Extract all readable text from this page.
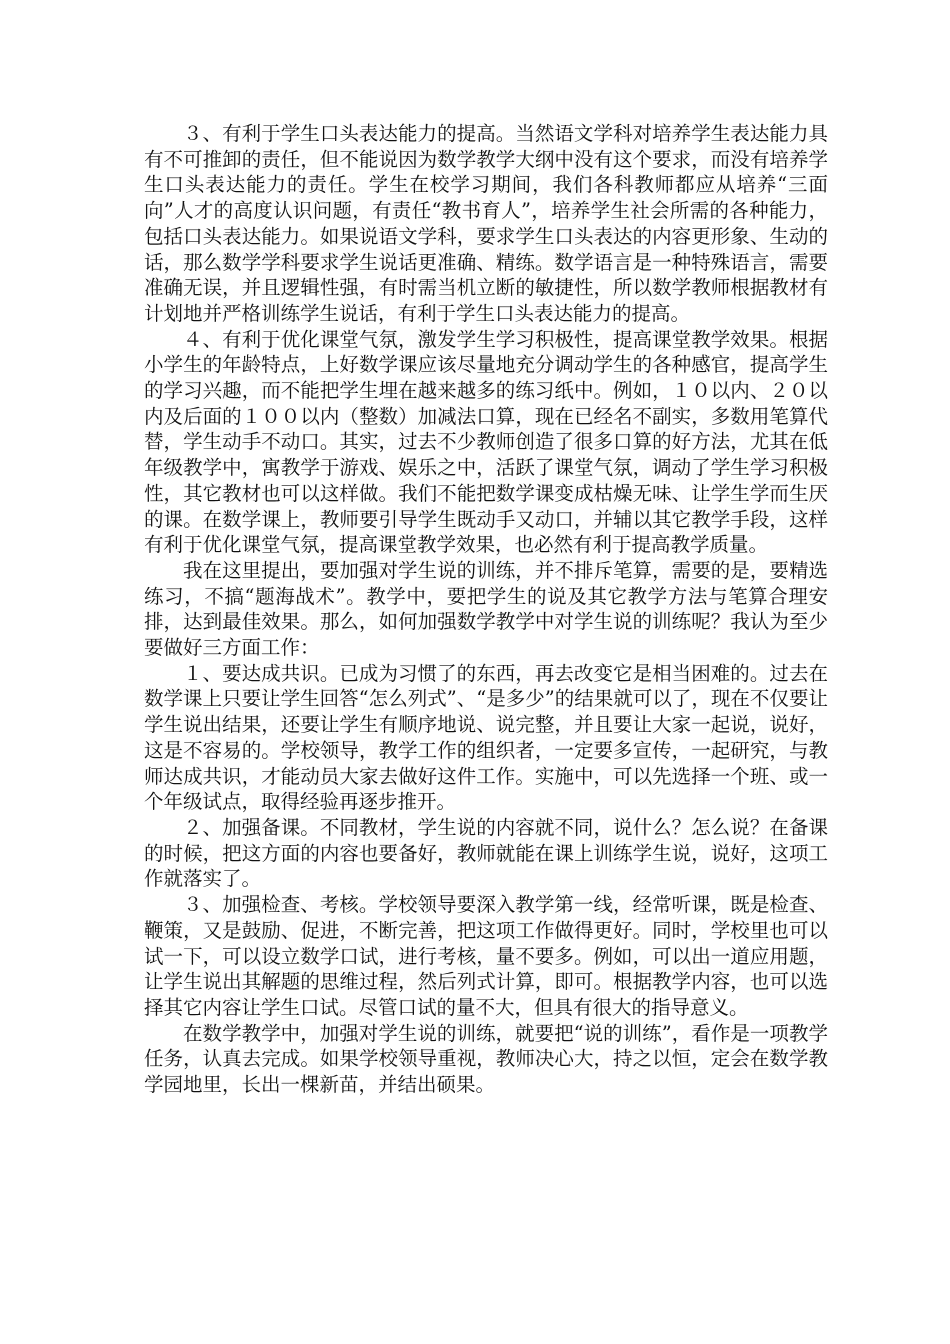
３、有利于学生口头表达能力的提高。当然语文学科对培养学生表达能力具有不可推卸的责任，但不能说因为数学教学大纲中没有这个要求，而没有培养学生口头表达能力的责任。学生在校学习期间，我们各科教师都应从培养“三面向”人才的高度认识问题，有责任“教书育人”，培养学生社会所需的各种能力，包括口头表达能力。如果说语文学科，要求学生口头表达的内容更形象、生动的话，那么数学学科要求学生说话更准确、精练。数学语言是一种特殊语言，需要准确无误，并且逻辑性强，有时需当机立断的敏捷性，所以数学教师根据教材有计划地并严格训练学生说话，有利于学生口头表达能力的提高。

４、有利于优化课堂气氛，激发学生学习积极性，提高课堂教学效果。根据小学生的年龄特点，上好数学课应该尽量地充分调动学生的各种感官，提高学生的学习兴趣，而不能把学生埋在越来越多的练习纸中。例如，１０以内、２０以内及后面的１００以内（整数）加减法口算，现在已经名不副实，多数用笔算代替，学生动手不动口。其实，过去不少教师创造了很多口算的好方法，尤其在低年级教学中，寓教学于游戏、娱乐之中，活跃了课堂气氛，调动了学生学习积极性，其它教材也可以这样做。我们不能把数学课变成枯燥无味、让学生学而生厌的课。在数学课上，教师要引导学生既动手又动口，并辅以其它教学手段，这样有利于优化课堂气氛，提高课堂教学效果，也必然有利于提高教学质量。

我在这里提出，要加强对学生说的训练，并不排斥笔算，需要的是，要精选练习，不搞“题海战术”。教学中，要把学生的说及其它教学方法与笔算合理安排，达到最佳效果。那么，如何加强数学教学中对学生说的训练呢？我认为至少要做好三方面工作：

１、要达成共识。已成为习惯了的东西，再去改变它是相当困难的。过去在数学课上只要让学生回答“怎么列式”、“是多少”的结果就可以了，现在不仅要让学生说出结果，还要让学生有顺序地说、说完整，并且要让大家一起说，说好，这是不容易的。学校领导，教学工作的组织者，一定要多宣传，一起研究，与教师达成共识，才能动员大家去做好这件工作。实施中，可以先选择一个班、或一个年级试点，取得经验再逐步推开。

２、加强备课。不同教材，学生说的内容就不同，说什么？怎么说？在备课的时候，把这方面的内容也要备好，教师就能在课上训练学生说，说好，这项工作就落实了。

３、加强检查、考核。学校领导要深入教学第一线，经常听课，既是检查、鞭策，又是鼓励、促进，不断完善，把这项工作做得更好。同时，学校里也可以试一下，可以设立数学口试，进行考核，量不要多。例如，可以出一道应用题，让学生说出其解题的思维过程，然后列式计算，即可。根据教学内容，也可以选择其它内容让学生口试。尽管口试的量不大，但具有很大的指导意义。

在数学教学中，加强对学生说的训练，就要把“说的训练”，看作是一项教学任务，认真去完成。如果学校领导重视，教师决心大，持之以恒，定会在数学教学园地里，长出一棵新苗，并结出硕果。
